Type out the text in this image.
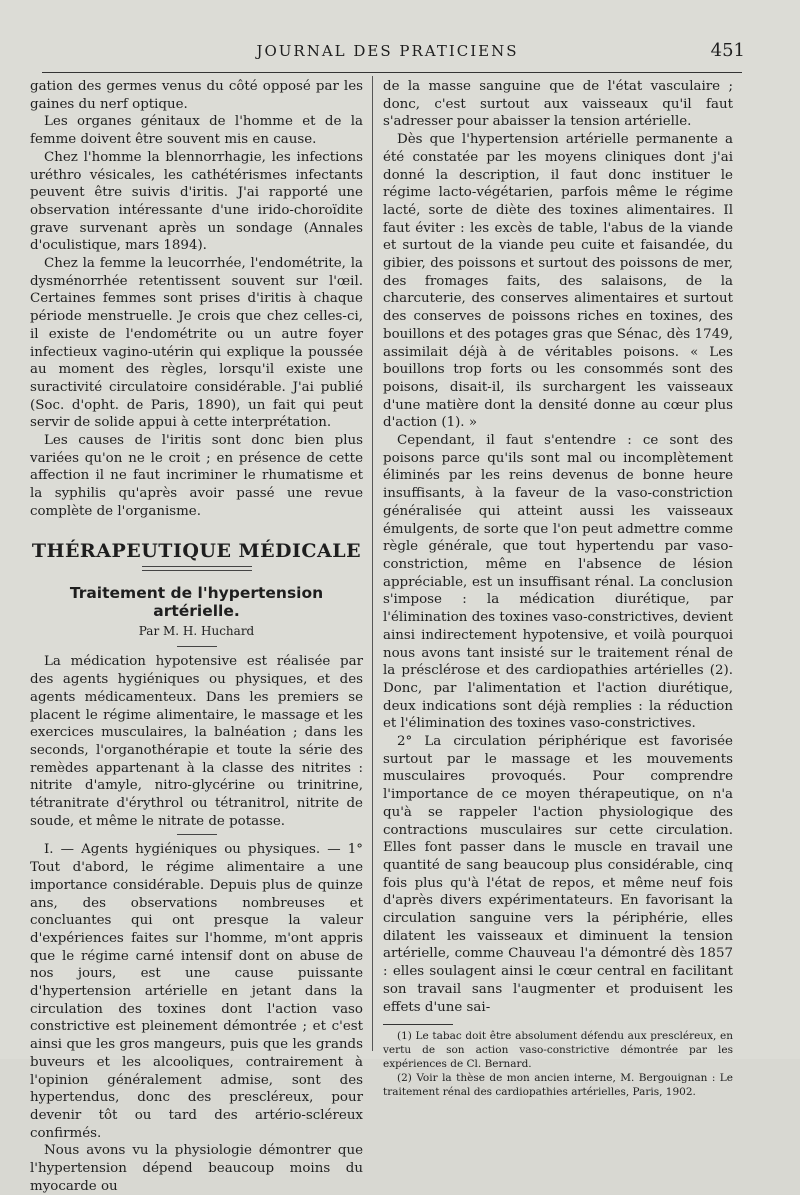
JOURNAL DES PRATICIENS	451

gation des germes venus du côté opposé par les gaines du nerf optique.

Les organes génitaux de l'homme et de la femme doivent être souvent mis en cause.

Chez l'homme la blennorrhagie, les infections uréthro vésicales, les cathétérismes infectants peuvent être suivis d'iritis. J'ai rapporté une observation intéressante d'une irido-choroïdite grave survenant après un sondage (Annales d'oculistique, mars 1894).

Chez la femme la leucorrhée, l'endométrite, la dysménorrhée retentissent souvent sur l'œil. Certaines femmes sont prises d'iritis à chaque période menstruelle. Je crois que chez celles-ci, il existe de l'endométrite ou un autre foyer infectieux vagino-utérin qui explique la poussée au moment des règles, lorsqu'il existe une suractivité circulatoire considérable. J'ai publié (Soc. d'opht. de Paris, 1890), un fait qui peut servir de solide appui à cette interprétation.

Les causes de l'iritis sont donc bien plus variées qu'on ne le croit ; en présence de cette affection il ne faut incriminer le rhumatisme et la syphilis qu'après avoir passé une revue complète de l'organisme.

THÉRAPEUTIQUE MÉDICALE
Traitement de l'hypertension artérielle.
Par M. H. Huchard

La médication hypotensive est réalisée par des agents hygiéniques ou physiques, et des agents médicamenteux. Dans les premiers se placent le régime alimentaire, le massage et les exercices musculaires, la balnéation ; dans les seconds, l'organothérapie et toute la série des remèdes appartenant à la classe des nitrites : nitrite d'amyle, nitro-glycérine ou trinitrine, tétranitrate d'érythrol ou tétranitrol, nitrite de soude, et même le nitrate de potasse.

I. — Agents hygiéniques ou physiques. — 1° Tout d'abord, le régime alimentaire a une importance considérable. Depuis plus de quinze ans, des observations nombreuses et concluantes qui ont presque la valeur d'expériences faites sur l'homme, m'ont appris que le régime carné intensif dont on abuse de nos jours, est une cause puissante d'hypertension artérielle en jetant dans la circulation des toxines dont l'action vaso constrictive est pleinement démontrée ; et c'est ainsi que les gros mangeurs, puis que les grands buveurs et les alcooliques, contrairement à l'opinion généralement admise, sont des hypertendus, donc des prescléreux, pour devenir tôt ou tard des artério-scléreux confirmés.

Nous avons vu la physiologie démontrer que l'hypertension dépend beaucoup moins du myocarde ou

de la masse sanguine que de l'état vasculaire ; donc, c'est surtout aux vaisseaux qu'il faut s'adresser pour abaisser la tension artérielle.

Dès que l'hypertension artérielle permanente a été constatée par les moyens cliniques dont j'ai donné la description, il faut donc instituer le régime lacto-végétarien, parfois même le régime lacté, sorte de diète des toxines alimentaires. Il faut éviter : les excès de table, l'abus de la viande et surtout de la viande peu cuite et faisandée, du gibier, des poissons et surtout des poissons de mer, des fromages faits, des salaisons, de la charcuterie, des conserves alimentaires et surtout des conserves de poissons riches en toxines, des bouillons et des potages gras que Sénac, dès 1749, assimilait déjà à de véritables poisons. « Les bouillons trop forts ou les consommés sont des poisons, disait-il, ils surchargent les vaisseaux d'une matière dont la densité donne au cœur plus d'action (1). »

Cependant, il faut s'entendre : ce sont des poisons parce qu'ils sont mal ou incomplètement éliminés par les reins devenus de bonne heure insuffisants, à la faveur de la vaso-constriction généralisée qui atteint aussi les vaisseaux émulgents, de sorte que l'on peut admettre comme règle générale, que tout hypertendu par vaso-constriction, même en l'absence de lésion appréciable, est un insuffisant rénal. La conclusion s'impose : la médication diurétique, par l'élimination des toxines vaso-constrictives, devient ainsi indirectement hypotensive, et voilà pourquoi nous avons tant insisté sur le traitement rénal de la présclérose et des cardiopathies artérielles (2). Donc, par l'alimentation et l'action diurétique, deux indications sont déjà remplies : la réduction et l'élimination des toxines vaso-constrictives.

2° La circulation périphérique est favorisée surtout par le massage et les mouvements musculaires provoqués. Pour comprendre l'importance de ce moyen thérapeutique, on n'a qu'à se rappeler l'action physiologique des contractions musculaires sur cette circulation. Elles font passer dans le muscle en travail une quantité de sang beaucoup plus considérable, cinq fois plus qu'à l'état de repos, et même neuf fois d'après divers expérimentateurs. En favorisant la circulation sanguine vers la périphérie, elles dilatent les vaisseaux et diminuent la tension artérielle, comme Chauveau l'a démontré dès 1857 : elles soulagent ainsi le cœur central en facilitant son travail sans l'augmenter et produisent les effets d'une sai-

(1) Le tabac doit être absolument défendu aux prescléreux, en vertu de son action vaso-constrictive démontrée par les expériences de Cl. Bernard.

(2) Voir la thèse de mon ancien interne, M. Bergouignan : Le traitement rénal des cardiopathies artérielles, Paris, 1902.
